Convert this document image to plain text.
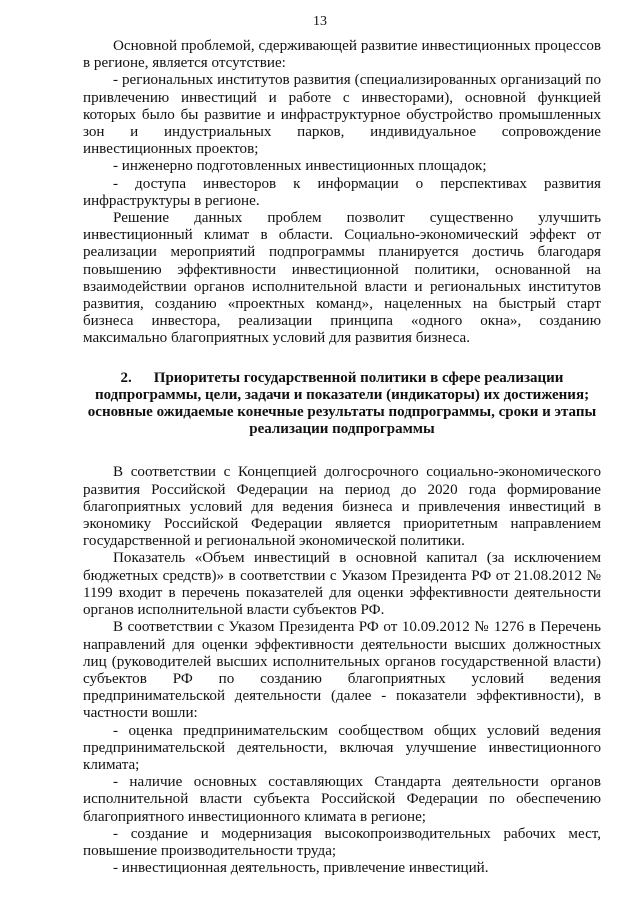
13

Основной проблемой, сдерживающей развитие инвестиционных процессов в регионе, является отсутствие:

- региональных институтов развития (специализированных организаций по привлечению инвестиций и работе с инвесторами), основной функцией которых было бы развитие и инфраструктурное обустройство промышленных зон и индустриальных парков, индивидуальное сопровождение инвестиционных проектов;

- инженерно подготовленных инвестиционных площадок;

- доступа инвесторов к информации о перспективах развития инфраструктуры в регионе.

Решение данных проблем позволит существенно улучшить инвестиционный климат в области. Социально-экономический эффект от реализации мероприятий подпрограммы планируется достичь благодаря повышению эффективности инвестиционной политики, основанной на взаимодействии органов исполнительной власти и региональных институтов развития, созданию «проектных команд», нацеленных на быстрый старт бизнеса инвестора, реализации принципа «одного окна», созданию максимально благоприятных условий для развития бизнеса.

2. Приоритеты государственной политики в сфере реализации подпрограммы, цели, задачи и показатели (индикаторы) их достижения; основные ожидаемые конечные результаты подпрограммы, сроки и этапы реализации подпрограммы

В соответствии с Концепцией долгосрочного социально-экономического развития Российской Федерации на период до 2020 года формирование благоприятных условий для ведения бизнеса и привлечения инвестиций в экономику Российской Федерации является приоритетным направлением государственной и региональной экономической политики.

Показатель «Объем инвестиций в основной капитал (за исключением бюджетных средств)» в соответствии с Указом Президента РФ от 21.08.2012 № 1199 входит в перечень показателей для оценки эффективности деятельности органов исполнительной власти субъектов РФ.

В соответствии с Указом Президента РФ от 10.09.2012 № 1276 в Перечень направлений для оценки эффективности деятельности высших должностных лиц (руководителей высших исполнительных органов государственной власти) субъектов РФ по созданию благоприятных условий ведения предпринимательской деятельности (далее - показатели эффективности), в частности вошли:

- оценка предпринимательским сообществом общих условий ведения предпринимательской деятельности, включая улучшение инвестиционного климата;

- наличие основных составляющих Стандарта деятельности органов исполнительной власти субъекта Российской Федерации по обеспечению благоприятного инвестиционного климата в регионе;

- создание и модернизация высокопроизводительных рабочих мест, повышение производительности труда;

- инвестиционная деятельность, привлечение инвестиций.
